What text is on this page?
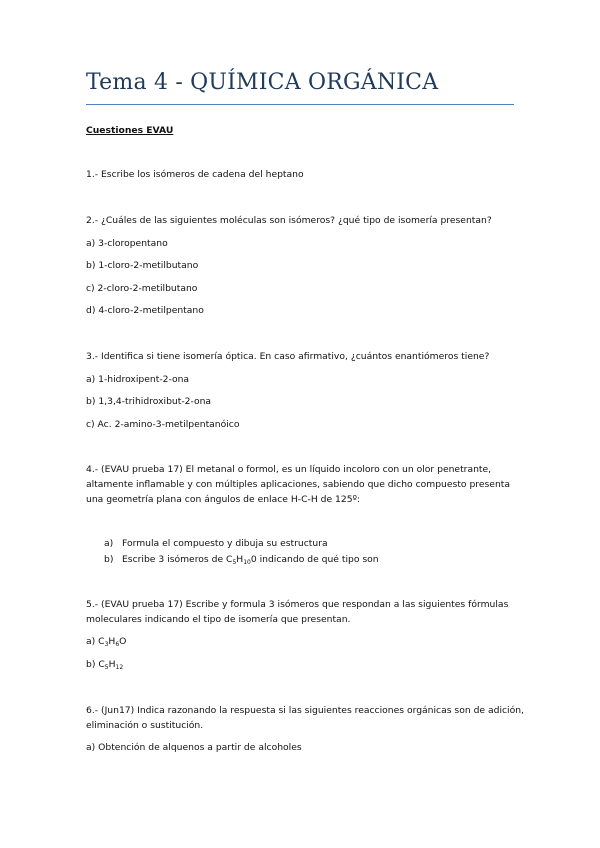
Tema 4 - QUÍMICA ORGÁNICA
Cuestiones EVAU
1.- Escribe los isómeros de cadena del heptano
2.- ¿Cuáles de las siguientes moléculas son isómeros? ¿qué tipo de isomería presentan?
a) 3-cloropentano
b) 1-cloro-2-metilbutano
c) 2-cloro-2-metilbutano
d) 4-cloro-2-metilpentano
3.- Identifica si tiene isomería óptica. En caso afirmativo, ¿cuántos enantiómeros tiene?
a) 1-hidroxipent-2-ona
b) 1,3,4-trihidroxibut-2-ona
c) Ac. 2-amino-3-metilpentanóico
4.- (EVAU prueba 17) El metanal o formol, es un líquido incoloro con un olor penetrante,
altamente inflamable y con múltiples aplicaciones, sabiendo que dicho compuesto presenta
una geometría plana con ángulos de enlace H-C-H de 125º:
a) Formula el compuesto y dibuja su estructura
b) Escribe 3 isómeros de $C_5H_{10}0$ indicando de qué tipo son
5.- (EVAU prueba 17) Escribe y formula 3 isómeros que respondan a las siguientes fórmulas
moleculares indicando el tipo de isomería que presentan.
a) $C_3H_6O$
b) $C_5H_{12}$
6.- (Jun17) Indica razonando la respuesta si las siguientes reacciones orgánicas son de adición,
eliminación o sustitución.
a) Obtención de alquenos a partir de alcoholes
